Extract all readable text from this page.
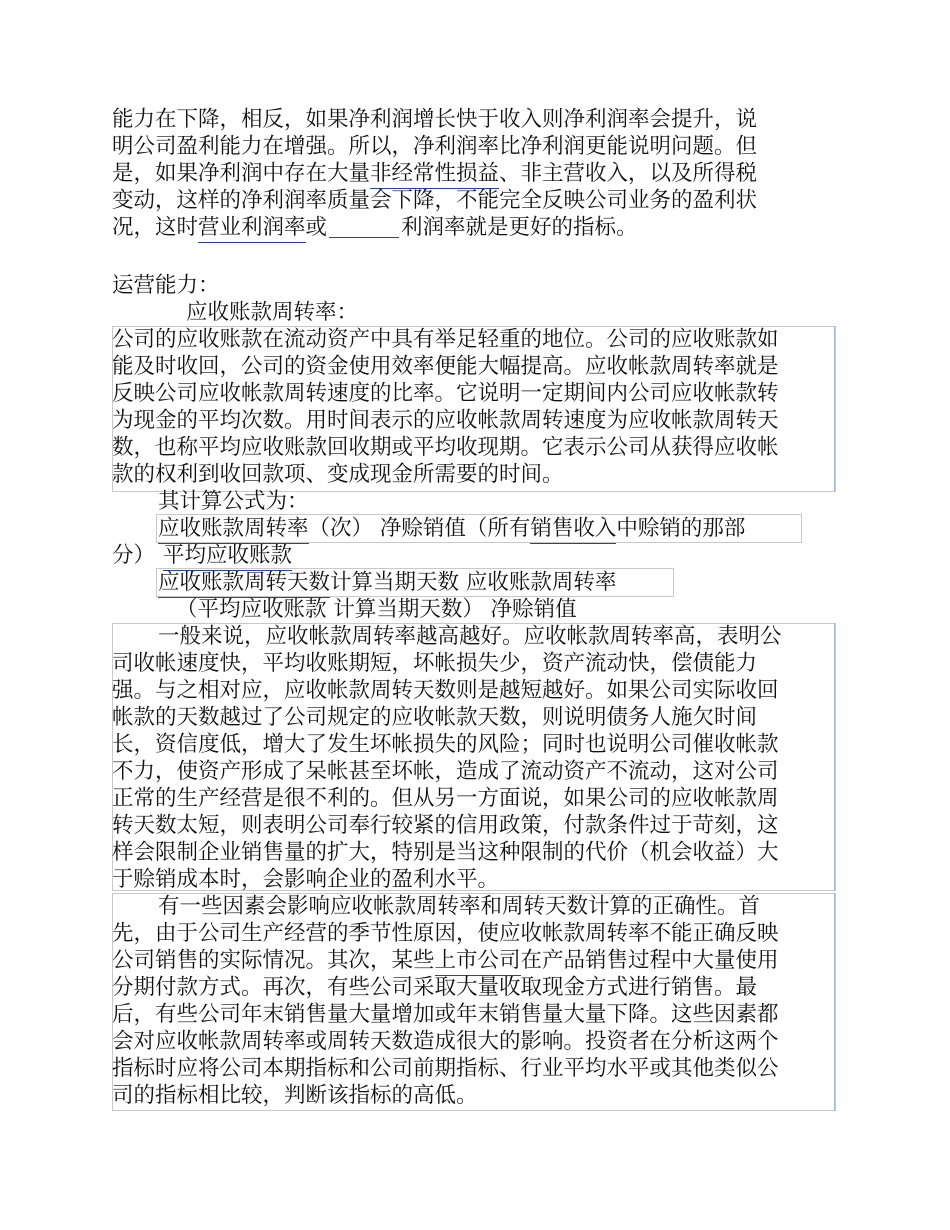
能力在下降，相反，如果净利润增长快于收入则净利润率会提升，说
明公司盈利能力在增强。所以，净利润率比净利润更能说明问题。但
是，如果净利润中存在大量非经常性损益、非主营收入，以及所得税
变动，这样的净利润率质量会下降，不能完全反映公司业务的盈利状
况，这时营业利润率或	利润率就是更好的指标。
运营能力：
应收账款周转率：
公司的应收账款在流动资产中具有举足轻重的地位。公司的应收账款如
能及时收回，公司的资金使用效率便能大幅提高。应收帐款周转率就是
反映公司应收帐款周转速度的比率。它说明一定期间内公司应收帐款转
为现金的平均次数。用时间表示的应收帐款周转速度为应收帐款周转天
数，也称平均应收账款回收期或平均收现期。它表示公司从获得应收帐
款的权利到收回款项、变成现金所需要的时间。
其计算公式为：
应收账款周转率（次） 净赊销值（所有销售收入中赊销的那部
分） 平均应收账款
应收账款周转天数计算当期天数 应收账款周转率
（平均应收账款 计算当期天数） 净赊销值
一般来说，应收帐款周转率越高越好。应收帐款周转率高，表明公
司收帐速度快，平均收账期短，坏帐损失少，资产流动快，偿债能力
强。与之相对应，应收帐款周转天数则是越短越好。如果公司实际收回
帐款的天数越过了公司规定的应收帐款天数，则说明债务人施欠时间
长，资信度低，增大了发生坏帐损失的风险；同时也说明公司催收帐款
不力，使资产形成了呆帐甚至坏帐，造成了流动资产不流动，这对公司
正常的生产经营是很不利的。但从另一方面说，如果公司的应收帐款周
转天数太短，则表明公司奉行较紧的信用政策，付款条件过于苛刻，这
样会限制企业销售量的扩大，特别是当这种限制的代价（机会收益）大
于赊销成本时，会影响企业的盈利水平。
有一些因素会影响应收帐款周转率和周转天数计算的正确性。首
先，由于公司生产经营的季节性原因，使应收帐款周转率不能正确反映
公司销售的实际情况。其次，某些上市公司在产品销售过程中大量使用
分期付款方式。再次，有些公司采取大量收取现金方式进行销售。最
后，有些公司年末销售量大量增加或年末销售量大量下降。这些因素都
会对应收帐款周转率或周转天数造成很大的影响。投资者在分析这两个
指标时应将公司本期指标和公司前期指标、行业平均水平或其他类似公
司的指标相比较，判断该指标的高低。
